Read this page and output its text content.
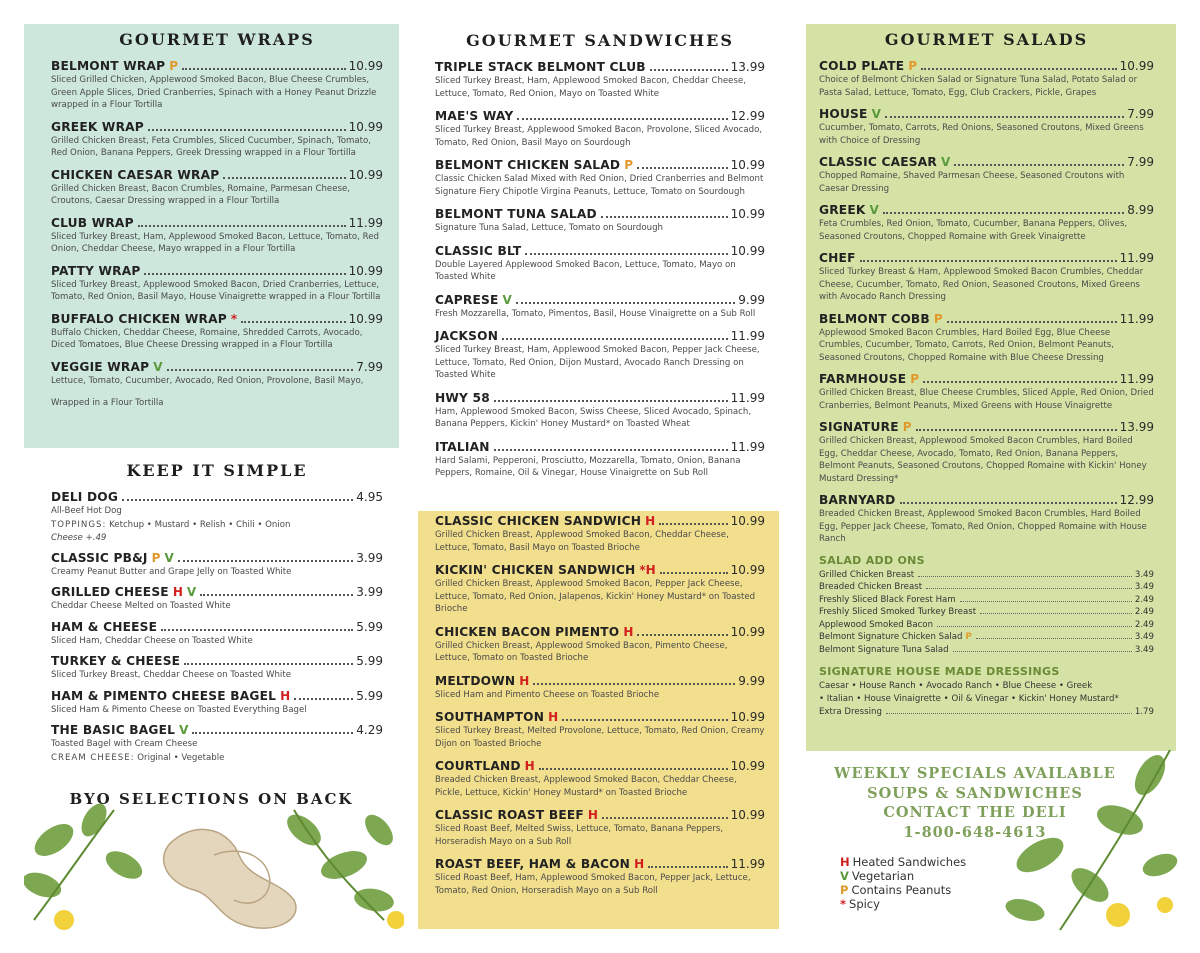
GOURMET WRAPS
BELMONT WRAP P	10.99
Sliced Grilled Chicken, Applewood Smoked Bacon, Blue Cheese Crumbles, Green Apple Slices, Dried Cranberries, Spinach with a Honey Peanut Drizzle wrapped in a Flour Tortilla
GREEK WRAP	10.99
Grilled Chicken Breast, Feta Crumbles, Sliced Cucumber, Spinach, Tomato, Red Onion, Banana Peppers, Greek Dressing wrapped in a Flour Tortilla
CHICKEN CAESAR WRAP	10.99
Grilled Chicken Breast, Bacon Crumbles, Romaine, Parmesan Cheese, Croutons, Caesar Dressing wrapped in a Flour Tortilla
CLUB WRAP	11.99
Sliced Turkey Breast, Ham, Applewood Smoked Bacon, Lettuce, Tomato, Red Onion, Cheddar Cheese, Mayo wrapped in a Flour Tortilla
PATTY WRAP	10.99
Sliced Turkey Breast, Applewood Smoked Bacon, Dried Cranberries, Lettuce, Tomato, Red Onion, Basil Mayo, House Vinaigrette wrapped in a Flour Tortilla
BUFFALO CHICKEN WRAP *	10.99
Buffalo Chicken, Cheddar Cheese, Romaine, Shredded Carrots, Avocado, Diced Tomatoes, Blue Cheese Dressing wrapped in a Flour Tortilla
VEGGIE WRAP V	7.99
Lettuce, Tomato, Cucumber, Avocado, Red Onion, Provolone, Basil Mayo,
Wrapped in a Flour Tortilla
KEEP IT SIMPLE
DELI DOG	4.95
All-Beef Hot Dog
TOPPINGS: Ketchup • Mustard • Relish • Chili • Onion
Cheese +.49
CLASSIC PB&J P V	3.99
Creamy Peanut Butter and Grape Jelly on Toasted White
GRILLED CHEESE H V	3.99
Cheddar Cheese Melted on Toasted White
HAM & CHEESE	5.99
Sliced Ham, Cheddar Cheese on Toasted White
TURKEY & CHEESE	5.99
Sliced Turkey Breast, Cheddar Cheese on Toasted White
HAM & PIMENTO CHEESE BAGEL H	5.99
Sliced Ham & Pimento Cheese on Toasted Everything Bagel
THE BASIC BAGEL V	4.29
Toasted Bagel with Cream Cheese
CREAM CHEESE: Original • Vegetable
BYO SELECTIONS ON BACK
GOURMET SANDWICHES
TRIPLE STACK BELMONT CLUB	13.99
Sliced Turkey Breast, Ham, Applewood Smoked Bacon, Cheddar Cheese, Lettuce, Tomato, Red Onion, Mayo on Toasted White
MAE'S WAY	12.99
Sliced Turkey Breast, Applewood Smoked Bacon, Provolone, Sliced Avocado, Tomato, Red Onion, Basil Mayo on Sourdough
BELMONT CHICKEN SALAD P	10.99
Classic Chicken Salad Mixed with Red Onion, Dried Cranberries and Belmont Signature Fiery Chipotle Virgina Peanuts, Lettuce, Tomato on Sourdough
BELMONT TUNA SALAD	10.99
Signature Tuna Salad, Lettuce, Tomato on Sourdough
CLASSIC BLT	10.99
Double Layered Applewood Smoked Bacon, Lettuce, Tomato, Mayo on Toasted White
CAPRESE V	9.99
Fresh Mozzarella, Tomato, Pimentos, Basil, House Vinaigrette on a Sub Roll
JACKSON	11.99
Sliced Turkey Breast, Ham, Applewood Smoked Bacon, Pepper Jack Cheese, Lettuce, Tomato, Red Onion, Dijon Mustard, Avocado Ranch Dressing on Toasted White
HWY 58	11.99
Ham, Applewood Smoked Bacon, Swiss Cheese, Sliced Avocado, Spinach, Banana Peppers, Kickin' Honey Mustard* on Toasted Wheat
ITALIAN	11.99
Hard Salami, Pepperoni, Prosciutto, Mozzarella, Tomato, Onion, Banana Peppers, Romaine, Oil & Vinegar, House Vinaigrette on Sub Roll
CLASSIC CHICKEN SANDWICH H	10.99
Grilled Chicken Breast, Applewood Smoked Bacon, Cheddar Cheese, Lettuce, Tomato, Basil Mayo on Toasted Brioche
KICKIN' CHICKEN SANDWICH *H	10.99
Grilled Chicken Breast, Applewood Smoked Bacon, Pepper Jack Cheese, Lettuce, Tomato, Red Onion, Jalapenos, Kickin' Honey Mustard* on Toasted Brioche
CHICKEN BACON PIMENTO H	10.99
Grilled Chicken Breast, Applewood Smoked Bacon, Pimento Cheese, Lettuce, Tomato on Toasted Brioche
MELTDOWN H	9.99
Sliced Ham and Pimento Cheese on Toasted Brioche
SOUTHAMPTON H	10.99
Sliced Turkey Breast, Melted Provolone, Lettuce, Tomato, Red Onion, Creamy Dijon on Toasted Brioche
COURTLAND H	10.99
Breaded Chicken Breast, Applewood Smoked Bacon, Cheddar Cheese, Pickle, Lettuce, Kickin' Honey Mustard* on Toasted Brioche
CLASSIC ROAST BEEF H	10.99
Sliced Roast Beef, Melted Swiss, Lettuce, Tomato, Banana Peppers, Horseradish Mayo on a Sub Roll
ROAST BEEF, HAM & BACON H	11.99
Sliced Roast Beef, Ham, Applewood Smoked Bacon, Pepper Jack, Lettuce, Tomato, Red Onion, Horseradish Mayo on a Sub Roll
GOURMET SALADS
COLD PLATE P	10.99
Choice of Belmont Chicken Salad or Signature Tuna Salad, Potato Salad or Pasta Salad, Lettuce, Tomato, Egg, Club Crackers, Pickle, Grapes
HOUSE V	7.99
Cucumber, Tomato, Carrots, Red Onions, Seasoned Croutons, Mixed Greens with Choice of Dressing
CLASSIC CAESAR V	7.99
Chopped Romaine, Shaved Parmesan Cheese, Seasoned Croutons with Caesar Dressing
GREEK V	8.99
Feta Crumbles, Red Onion, Tomato, Cucumber, Banana Peppers, Olives, Seasoned Croutons, Chopped Romaine with Greek Vinaigrette
CHEF	11.99
Sliced Turkey Breast & Ham, Applewood Smoked Bacon Crumbles, Cheddar Cheese, Cucumber, Tomato, Red Onion, Seasoned Croutons, Mixed Greens with Avocado Ranch Dressing
BELMONT COBB P	11.99
Applewood Smoked Bacon Crumbles, Hard Boiled Egg, Blue Cheese Crumbles, Cucumber, Tomato, Carrots, Red Onion, Belmont Peanuts, Seasoned Croutons, Chopped Romaine with Blue Cheese Dressing
FARMHOUSE P	11.99
Grilled Chicken Breast, Blue Cheese Crumbles, Sliced Apple, Red Onion, Dried Cranberries, Belmont Peanuts, Mixed Greens with House Vinaigrette
SIGNATURE P	13.99
Grilled Chicken Breast, Applewood Smoked Bacon Crumbles, Hard Boiled Egg, Cheddar Cheese, Avocado, Tomato, Red Onion, Banana Peppers, Belmont Peanuts, Seasoned Croutons, Chopped Romaine with Kickin' Honey Mustard Dressing*
BARNYARD	12.99
Breaded Chicken Breast, Applewood Smoked Bacon Crumbles, Hard Boiled Egg, Pepper Jack Cheese, Tomato, Red Onion, Chopped Romaine with House Ranch
SALAD ADD ONS
Grilled Chicken Breast	3.49
Breaded Chicken Breast	3.49
Freshly Sliced Black Forest Ham	2.49
Freshly Sliced Smoked Turkey Breast	2.49
Applewood Smoked Bacon	2.49
Belmont Signature Chicken Salad P	3.49
Belmont Signature Tuna Salad	3.49
SIGNATURE HOUSE MADE DRESSINGS
Caesar • House Ranch • Avocado Ranch • Blue Cheese • Greek
• Italian • House Vinaigrette • Oil & Vinegar • Kickin' Honey Mustard*
Extra Dressing	1.79
WEEKLY SPECIALS AVAILABLE
SOUPS & SANDWICHES
CONTACT THE DELI
1-800-648-4613
H Heated Sandwiches
V Vegetarian
P Contains Peanuts
* Spicy
